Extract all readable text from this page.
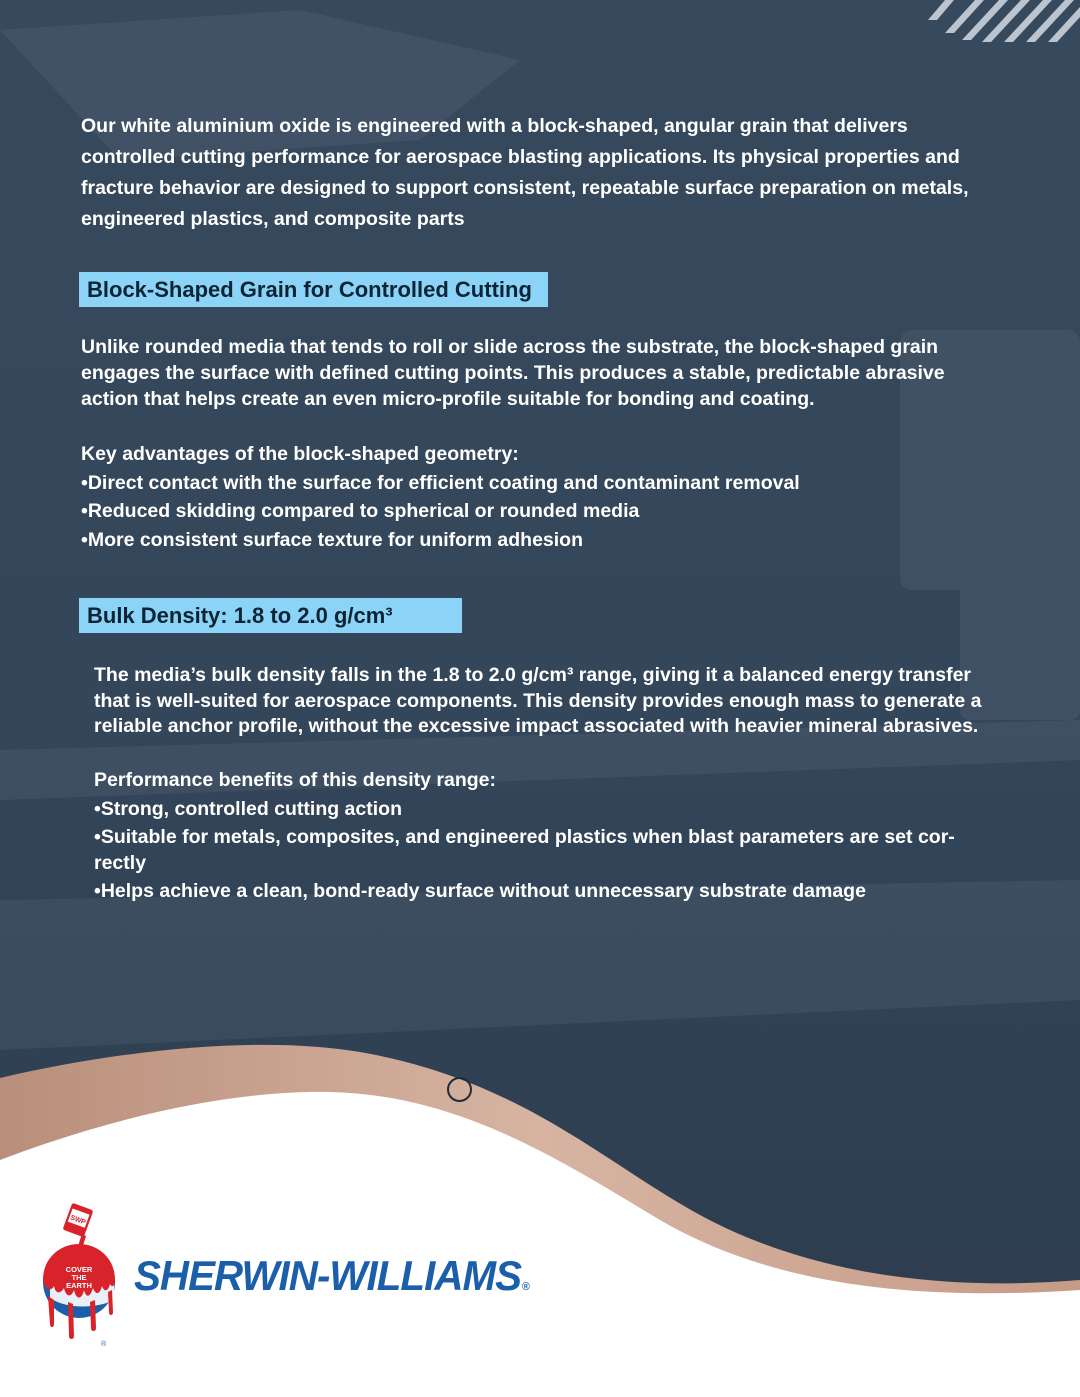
Our white aluminium oxide is engineered with a block-shaped, angular grain that delivers controlled cutting performance for aerospace blasting applications. Its physical properties and fracture behavior are designed to support consistent, repeatable surface preparation on metals, engineered plastics, and composite parts

Block-Shaped Grain for Controlled Cutting

Unlike rounded media that tends to roll or slide across the substrate, the block-shaped grain engages the surface with defined cutting points. This produces a stable, predictable abrasive action that helps create an even micro-profile suitable for bonding and coating.

Key advantages of the block-shaped geometry:
• Direct contact with the surface for efficient coating and contaminant removal
• Reduced skidding compared to spherical or rounded media
• More consistent surface texture for uniform adhesion
Bulk Density: 1.8 to 2.0 g/cm³

The media’s bulk density falls in the 1.8 to 2.0 g/cm³ range, giving it a balanced energy transfer that is well-suited for aerospace components. This density provides enough mass to generate a reliable anchor profile, without the excessive impact associated with heavier mineral abrasives.

Performance benefits of this density range:
• Strong, controlled cutting action
• Suitable for metals, composites, and engineered plastics when blast parameters are set cor-rectly
• Helps achieve a clean, bond-ready surface without unnecessary substrate damage
SWP
COVER
THE
EARTH
®
SHERWIN-WILLIAMS®
